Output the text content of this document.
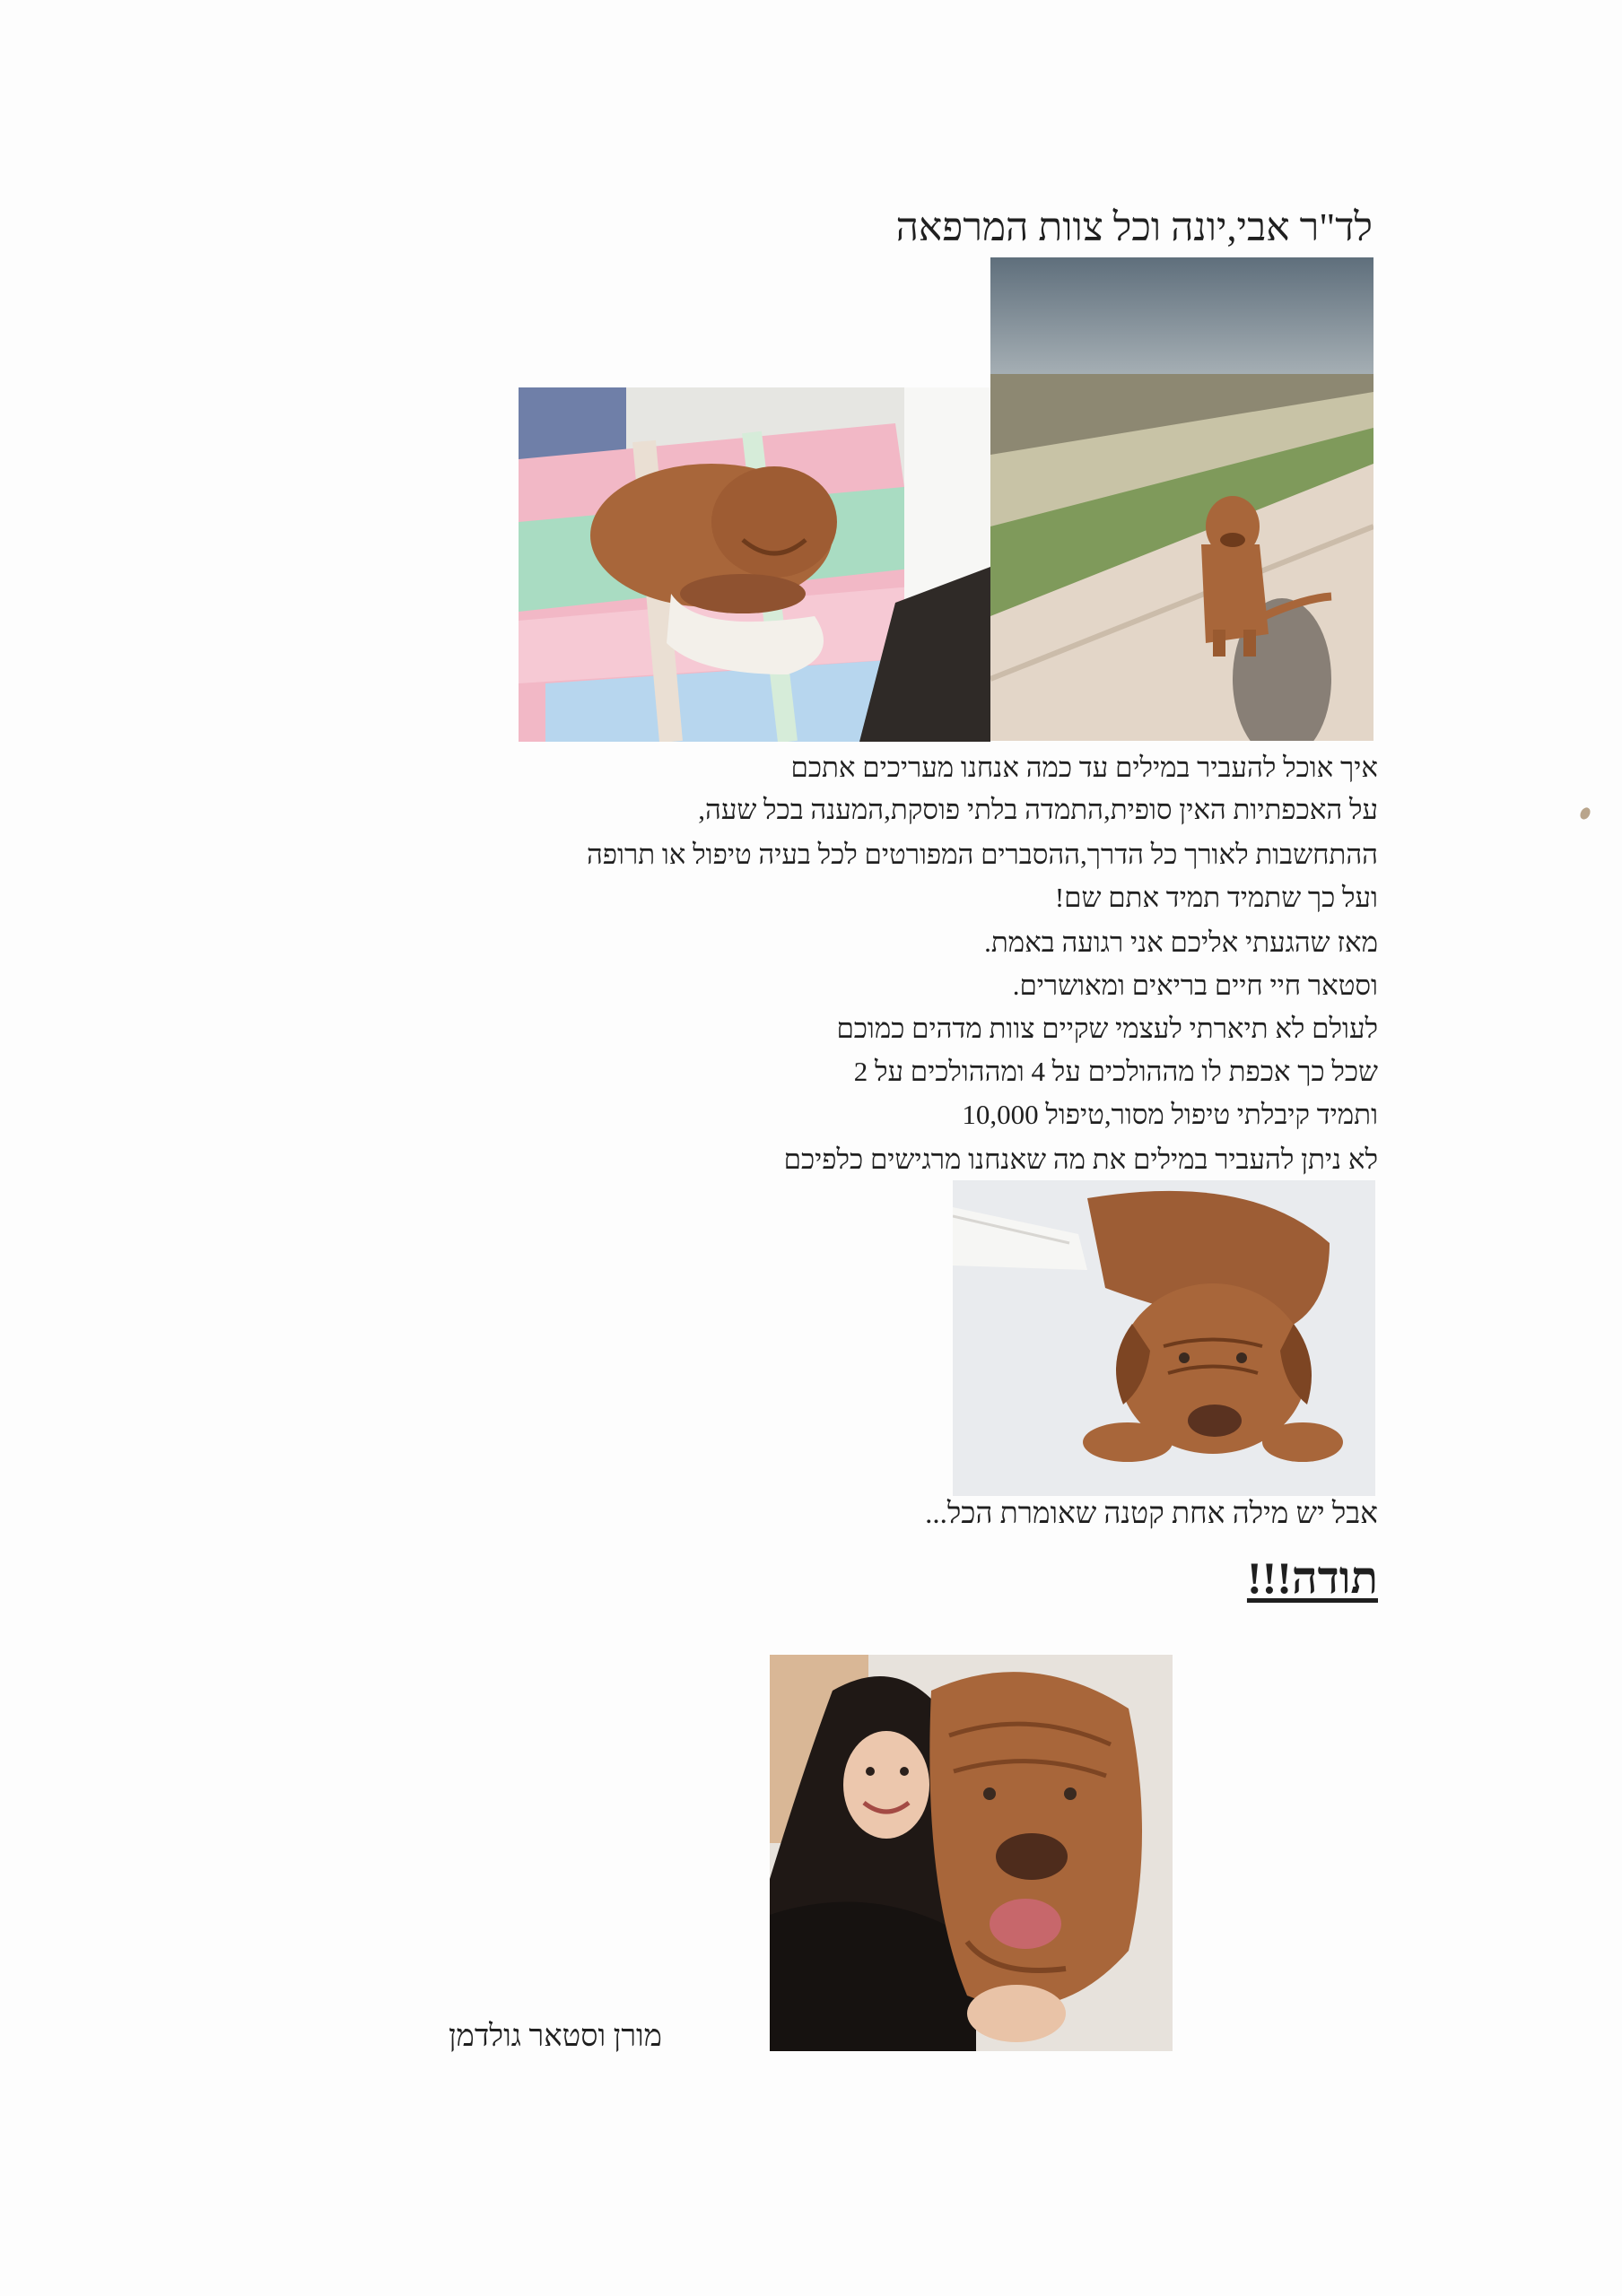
לד"ר אבי,יונה וכל צוות המרפאה
איך אוכל להעביר במילים עד כמה אנחנו מעריכים אתכם
על האכפתיות האין סופית,התמדה בלתי פוסקת,המענה בכל שעה,
ההתחשבות לאורך כל הדרך,ההסברים המפורטים לכל בעיה טיפול או תרופה
ועל כך שתמיד תמיד אתם שם!
מאז שהגעתי אליכם אני רגועה באמת.
וסטאר חיי חיים בריאים ומאושרים.
לעולם לא תיארתי לעצמי שקיים צוות מדהים כמוכם
שכל כך אכפת לו מההולכים על 4 ומההולכים על 2
ותמיד קיבלתי טיפול מסור,טיפול 10,000
לא ניתן להעביר במילים את מה שאנחנו מרגישים כלפיכם
אבל יש מילה אחת קטנה שאומרת הכל...
תודה!!!
מורן וסטאר גולדמן
